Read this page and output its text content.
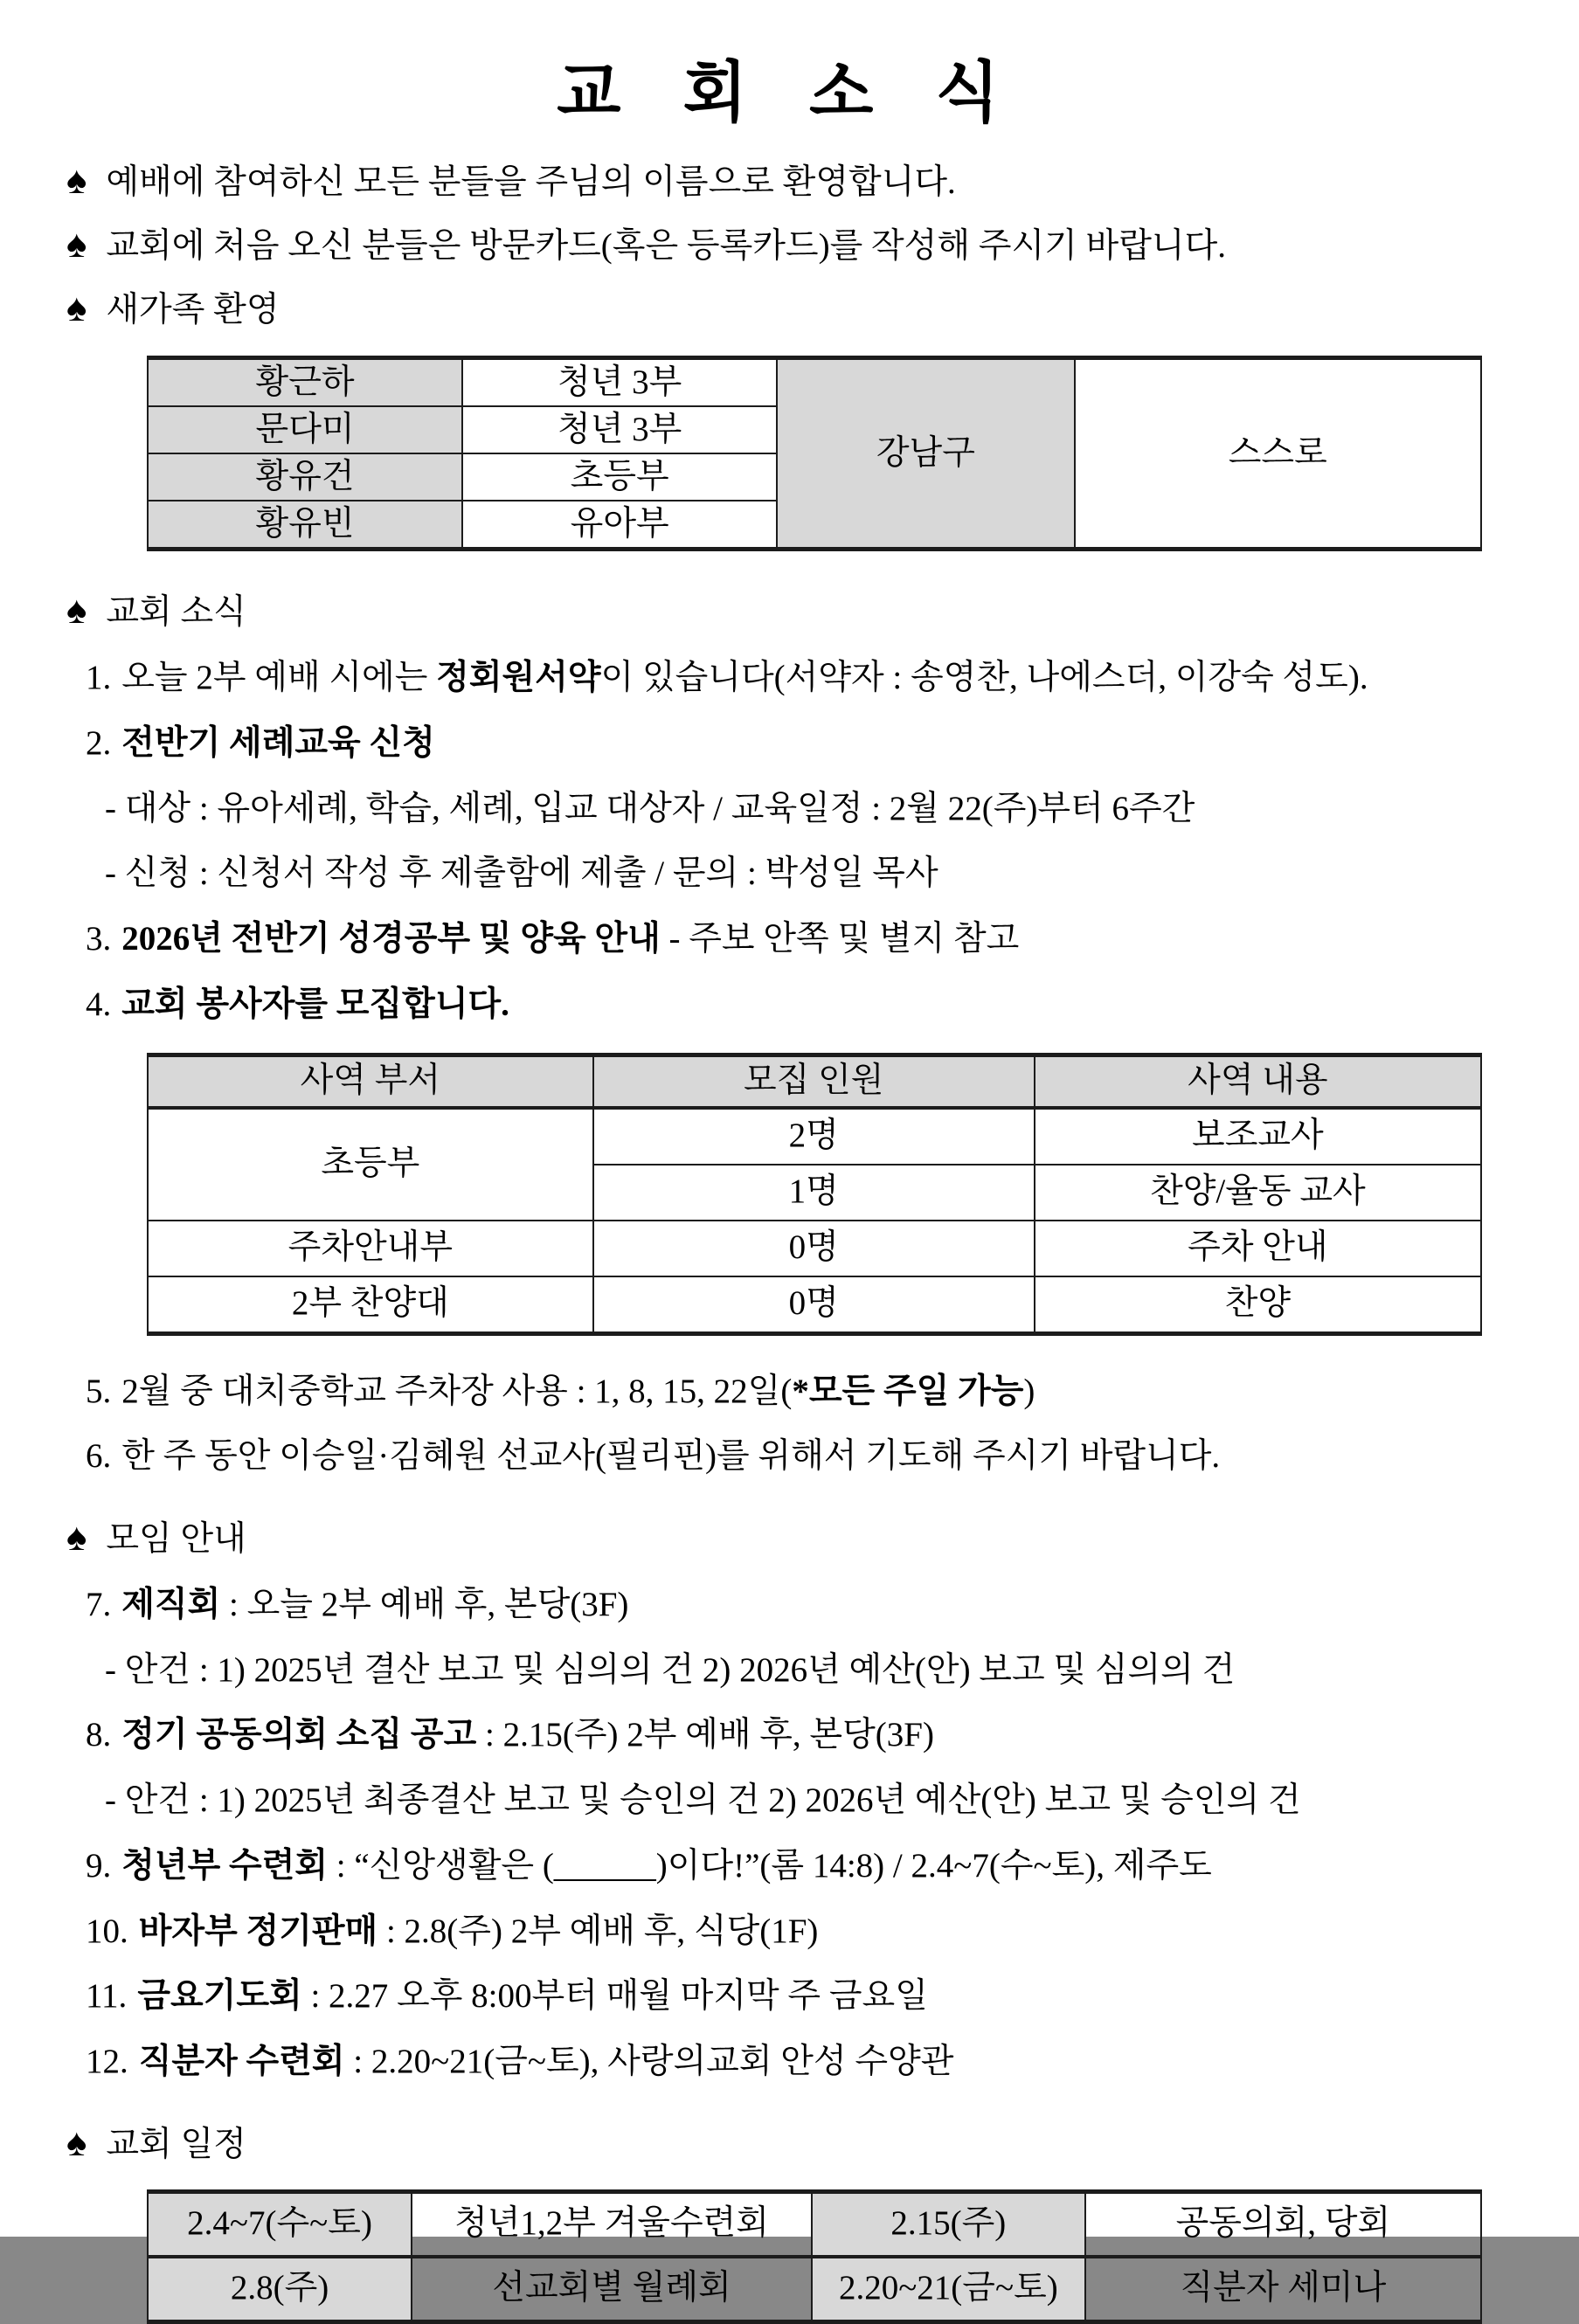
교 회 소 식
♠ 예배에 참여하신 모든 분들을 주님의 이름으로 환영합니다.
♠ 교회에 처음 오신 분들은 방문카드(혹은 등록카드)를 작성해 주시기 바랍니다.
♠ 새가족 환영
황근하	청년 3부	강남구	스스로
문다미	청년 3부		
황유건	초등부		
황유빈	유아부		
♠ 교회 소식
1. 오늘 2부 예배 시에는 정회원서약이 있습니다(서약자 : 송영찬, 나에스더, 이강숙 성도).
2. 전반기 세례교육 신청
- 대상 : 유아세례, 학습, 세례, 입교 대상자 / 교육일정 : 2월 22(주)부터 6주간
- 신청 : 신청서 작성 후 제출함에 제출 / 문의 : 박성일 목사
3. 2026년 전반기 성경공부 및 양육 안내 - 주보 안쪽 및 별지 참고
4. 교회 봉사자를 모집합니다.
사역 부서	모집 인원	사역 내용
초등부	2명	보조교사
	1명	찬양/율동 교사
주차안내부	0명	주차 안내
2부 찬양대	0명	찬양
5. 2월 중 대치중학교 주차장 사용 : 1, 8, 15, 22일(*모든 주일 가능)
6. 한 주 동안 이승일·김혜원 선교사(필리핀)를 위해서 기도해 주시기 바랍니다.
♠ 모임 안내
7. 제직회 : 오늘 2부 예배 후, 본당(3F)
- 안건 : 1) 2025년 결산 보고 및 심의의 건 2) 2026년 예산(안) 보고 및 심의의 건
8. 정기 공동의회 소집 공고 : 2.15(주) 2부 예배 후, 본당(3F)
- 안건 : 1) 2025년 최종결산 보고 및 승인의 건 2) 2026년 예산(안) 보고 및 승인의 건
9. 청년부 수련회 : “신앙생활은 (______)이다!”(롬 14:8) / 2.4~7(수~토), 제주도
10. 바자부 정기판매 : 2.8(주) 2부 예배 후, 식당(1F)
11. 금요기도회 : 2.27 오후 8:00부터 매월 마지막 주 금요일
12. 직분자 수련회 : 2.20~21(금~토), 사랑의교회 안성 수양관
♠ 교회 일정
2.4~7(수~토)	청년1,2부 겨울수련회	2.15(주)	공동의회, 당회
2.8(주)	선교회별 월례회	2.20~21(금~토)	직분자 세미나
